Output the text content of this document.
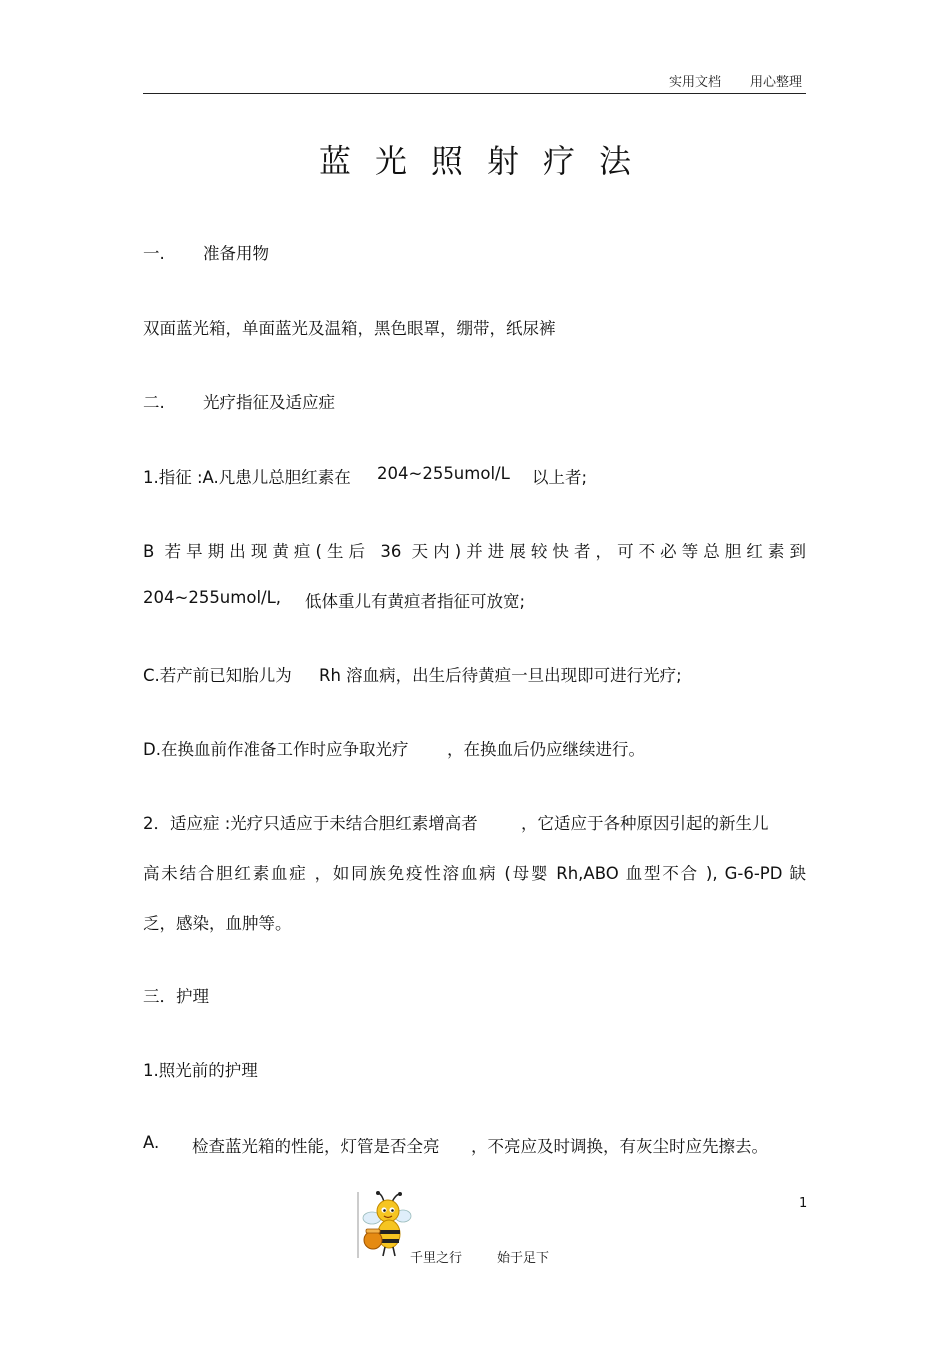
实用文档 用心整理
蓝光照射疗法
一. 准备用物
双面蓝光箱，单面蓝光及温箱，黑色眼罩，绷带，纸尿裤
二. 光疗指征及适应症
1.指征 :A.凡患儿总胆红素在 204~255umol/L 以上者;
B 若早期出现黄疸(生后 36 天内)并进展较快者，可不必等总胆红素到
204~255umol/L, 低体重儿有黄疸者指征可放宽;
C.若产前已知胎儿为 Rh 溶血病，出生后待黄疸一旦出现即可进行光疗;
D.在换血前作准备工作时应争取光疗 ，在换血后仍应继续进行。
2．适应症 :光疗只适应于未结合胆红素增高者	，它适应于各种原因引起的新生儿
高未结合胆红素血症 ，如同族免疫性溶血病 (母婴 Rh,ABO 血型不合 ), G-6-PD 缺
乏，感染，血肿等。
三．护理
1.照光前的护理
A. 检查蓝光箱的性能，灯管是否全亮 ，不亮应及时调换，有灰尘时应先擦去。
1
千里之行	始于足下
